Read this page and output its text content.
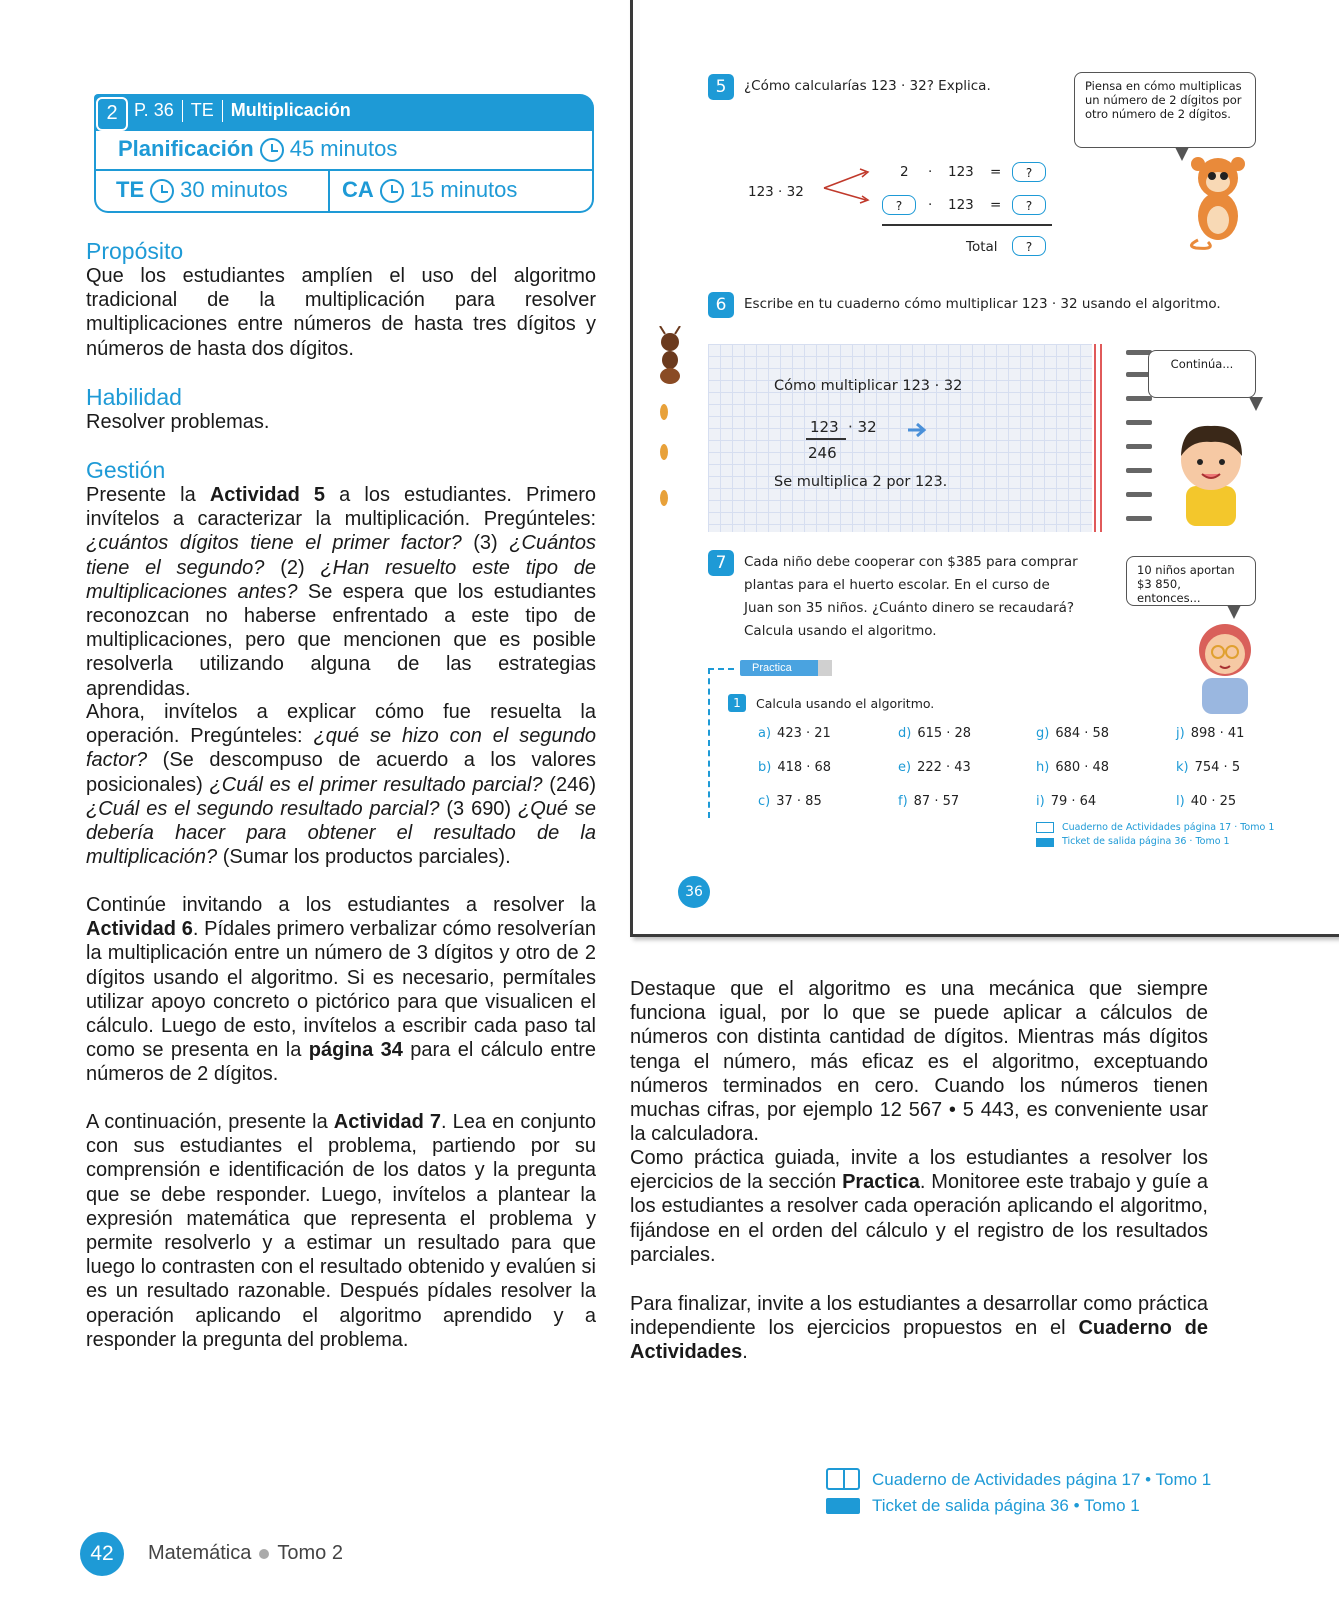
2 P. 36 TE Multiplicación
Planificación 45 minutos
TE 30 minutos CA 15 minutos
Propósito

Que los estudiantes amplíen el uso del algoritmo tradicional de la multiplicación para resolver multiplicaciones entre números de hasta tres dígitos y números de hasta dos dígitos.

Habilidad

Resolver problemas.

Gestión

Presente la Actividad 5 a los estudiantes. Primero invítelos a caracterizar la multiplicación. Pregúnteles: ¿cuántos dígitos tiene el primer factor? (3) ¿Cuántos tiene el segundo? (2) ¿Han resuelto este tipo de multiplicaciones antes? Se espera que los estudiantes reconozcan no haberse enfrentado a este tipo de multiplicaciones, pero que mencionen que es posible resolverla utilizando alguna de las estrategias aprendidas.

Ahora, invítelos a explicar cómo fue resuelta la operación. Pregúnteles: ¿qué se hizo con el segundo factor? (Se descompuso de acuerdo a los valores posicionales) ¿Cuál es el primer resultado parcial? (246) ¿Cuál es el segundo resultado parcial? (3 690) ¿Qué se debería hacer para obtener el resultado de la multiplicación? (Sumar los productos parciales).

Continúe invitando a los estudiantes a resolver la Actividad 6. Pídales primero verbalizar cómo resolverían la multiplicación entre un número de 3 dígitos y otro de 2 dígitos usando el algoritmo. Si es necesario, permítales utilizar apoyo concreto o pictórico para que visualicen el cálculo. Luego de esto, invítelos a escribir cada paso tal como se presenta en la página 34 para el cálculo entre números de 2 dígitos.

A continuación, presente la Actividad 7. Lea en conjunto con sus estudiantes el problema, partiendo por su comprensión e identificación de los datos y la pregunta que se debe responder. Luego, invítelos a plantear la expresión matemática que representa el problema y permite resolverlo y a estimar un resultado para que luego lo contrasten con el resultado obtenido y evalúen si es un resultado razonable. Después pídales resolver la operación aplicando el algoritmo aprendido y a responder la pregunta del problema.

5	¿Cómo calcularías 123 · 32? Explica.	Piensa en cómo multiplicas un número de 2 dígitos por otro número de 2 dígitos.
123 · 32
2 · 123 =	?
?	· 123 =	?
Total	?
6	Escribe en tu cuaderno cómo multiplicar 123 · 32 usando el algoritmo.
Cómo multiplicar 123 · 32
123 · 32
246
Se multiplica 2 por 123.
Continúa...
7	Cada niño debe cooperar con $385 para comprar
plantas para el huerto escolar. En el curso de
Juan son 35 niños. ¿Cuánto dinero se recaudará?
Calcula usando el algoritmo.
10 niños aportan $3 850, entonces...
Practica
1	Calcula usando el algoritmo.
a) 423 · 21	d) 615 · 28	g) 684 · 58	j) 898 · 41
b) 418 · 68	e) 222 · 43	h) 680 · 48	k) 754 · 5
c) 37 · 85	f) 87 · 57	i) 79 · 64	l) 40 · 25
Cuaderno de Actividades página 17 · Tomo 1
Ticket de salida página 36 · Tomo 1
36

Destaque que el algoritmo es una mecánica que siempre funciona igual, por lo que se puede aplicar a cálculos de números con distinta cantidad de dígitos. Mientras más dígitos tenga el número, más eficaz es el algoritmo, exceptuando números terminados en cero. Cuando los números tienen muchas cifras, por ejemplo 12 567 • 5 443, es conveniente usar la calculadora.

Como práctica guiada, invite a los estudiantes a resolver los ejercicios de la sección Practica. Monitoree este trabajo y guíe a los estudiantes a resolver cada operación aplicando el algoritmo, fijándose en el orden del cálculo y el registro de los resultados parciales.

Para finalizar, invite a los estudiantes a desarrollar como práctica independiente los ejercicios propuestos en el Cuaderno de Actividades.

Cuaderno de Actividades página 17 • Tomo 1
Ticket de salida página 36 • Tomo 1
42	Matemática Tomo 2
